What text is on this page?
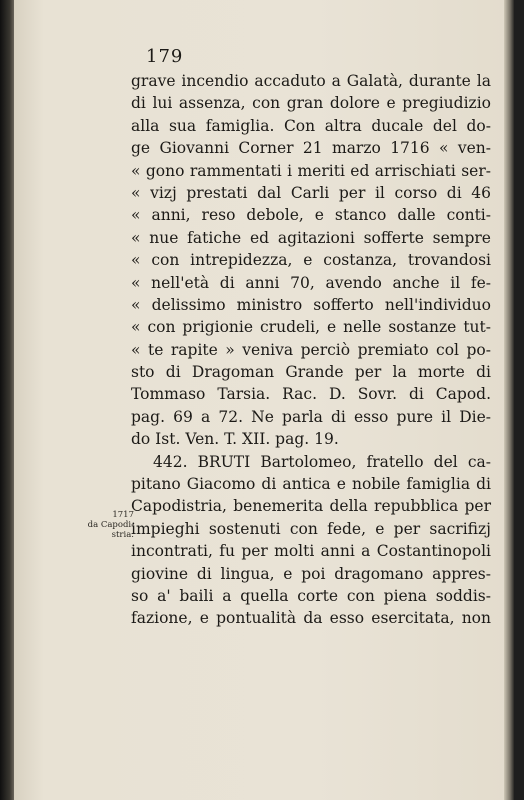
179
1717
da Capodi-
stria.
grave incendio accaduto a Galatà, durante la
di lui assenza, con gran dolore e pregiudizio
alla sua famiglia. Con altra ducale del do-
ge Giovanni Corner 21 marzo 1716 « ven-
« gono rammentati i meriti ed arrischiati ser-
« vizj prestati dal Carli per il corso di 46
« anni, reso debole, e stanco dalle conti-
« nue fatiche ed agitazioni sofferte sempre
« con intrepidezza, e costanza, trovandosi
« nell'età di anni 70, avendo anche il fe-
« delissimo ministro sofferto nell'individuo
« con prigionie crudeli, e nelle sostanze tut-
« te rapite » veniva perciò premiato col po-
sto di Dragoman Grande per la morte di
Tommaso Tarsia. Rac. D. Sovr. di Capod.
pag. 69 a 72. Ne parla di esso pure il Die-
do Ist. Ven. T. XII. pag. 19.
442. BRUTI Bartolomeo, fratello del ca-
pitano Giacomo di antica e nobile famiglia di
Capodistria, benemerita della repubblica per
impieghi sostenuti con fede, e per sacrifizj
incontrati, fu per molti anni a Costantinopoli
giovine di lingua, e poi dragomano appres-
so a' baili a quella corte con piena soddis-
fazione, e pontualità da esso esercitata, non
